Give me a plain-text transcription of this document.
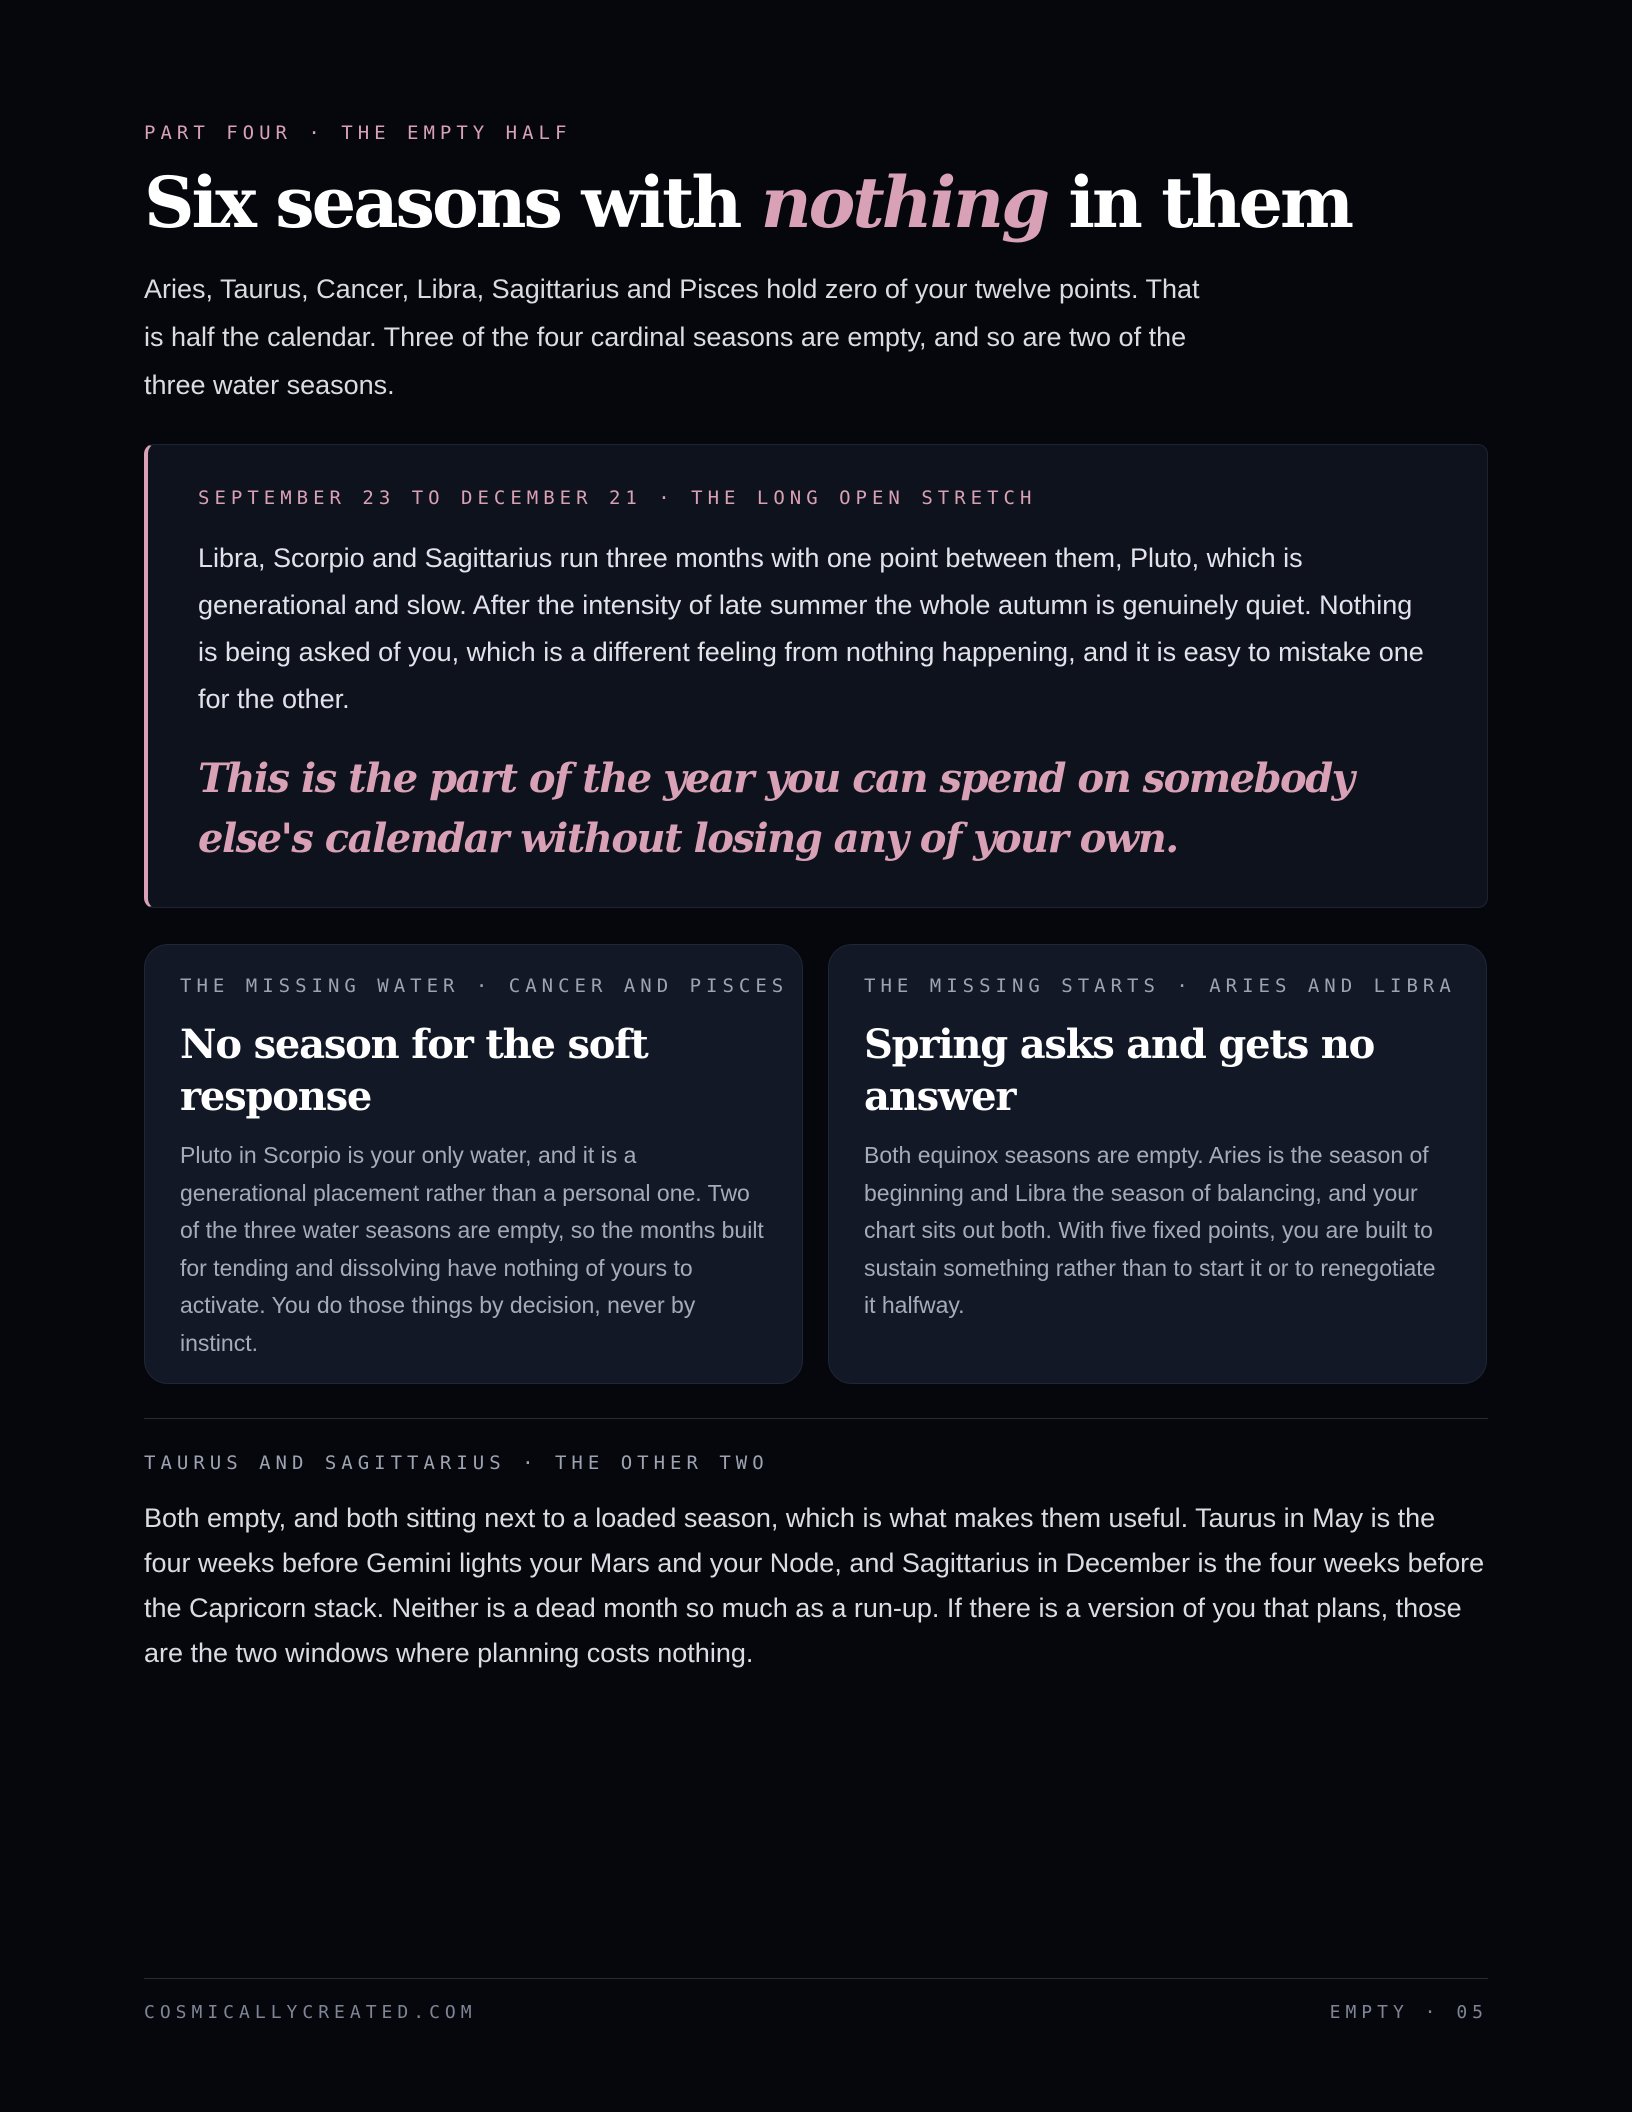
PART FOUR · THE EMPTY HALF
Six seasons with nothing in them

Aries, Taurus, Cancer, Libra, Sagittarius and Pisces hold zero of your twelve points. That is half the calendar. Three of the four cardinal seasons are empty, and so are two of the three water seasons.

SEPTEMBER 23 TO DECEMBER 21 · THE LONG OPEN STRETCH

Libra, Scorpio and Sagittarius run three months with one point between them, Pluto, which is generational and slow. After the intensity of late summer the whole autumn is genuinely quiet. Nothing is being asked of you, which is a different feeling from nothing happening, and it is easy to mistake one for the other.

This is the part of the year you can spend on somebody else's calendar without losing any of your own.

THE MISSING WATER · CANCER AND PISCES
No season for the soft response

Pluto in Scorpio is your only water, and it is a generational placement rather than a personal one. Two of the three water seasons are empty, so the months built for tending and dissolving have nothing of yours to activate. You do those things by decision, never by instinct.

THE MISSING STARTS · ARIES AND LIBRA
Spring asks and gets no answer

Both equinox seasons are empty. Aries is the season of beginning and Libra the season of balancing, and your chart sits out both. With five fixed points, you are built to sustain something rather than to start it or to renegotiate it halfway.

TAURUS AND SAGITTARIUS · THE OTHER TWO

Both empty, and both sitting next to a loaded season, which is what makes them useful. Taurus in May is the four weeks before Gemini lights your Mars and your Node, and Sagittarius in December is the four weeks before the Capricorn stack. Neither is a dead month so much as a run-up. If there is a version of you that plans, those are the two windows where planning costs nothing.

COSMICALLYCREATED.COM	EMPTY · 05
